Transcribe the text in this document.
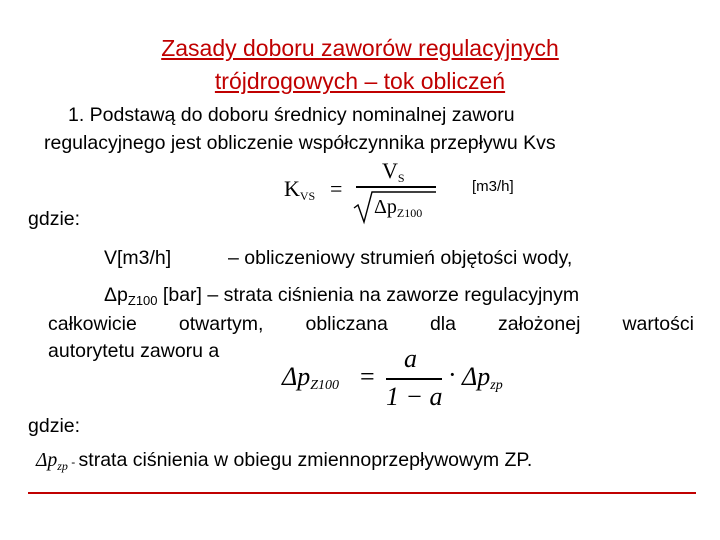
Zasady doboru zaworów regulacyjnych
trójdrogowych – tok obliczeń
1. Podstawą do doboru średnicy nominalnej zaworu
regulacyjnego jest obliczenie współczynnika przepływu Kvs
$K_{VS}$ =
$V_S$
$\Delta p_{Z100}$
[m3/h]
gdzie:
V[m3/h]	– obliczeniowy strumień objętości wody,
$\Delta p_{Z100}$ [bar] – strata ciśnienia na zaworze regulacyjnym
całkowicie otwartym, obliczana dla założonej wartości
autorytetu zaworu a
$\Delta p_{Z100}$ =
a
1 − a
· $\Delta p_{zp}$
gdzie:
$\Delta p_{zp}$ - strata ciśnienia w obiegu zmiennoprzepływowym ZP.
